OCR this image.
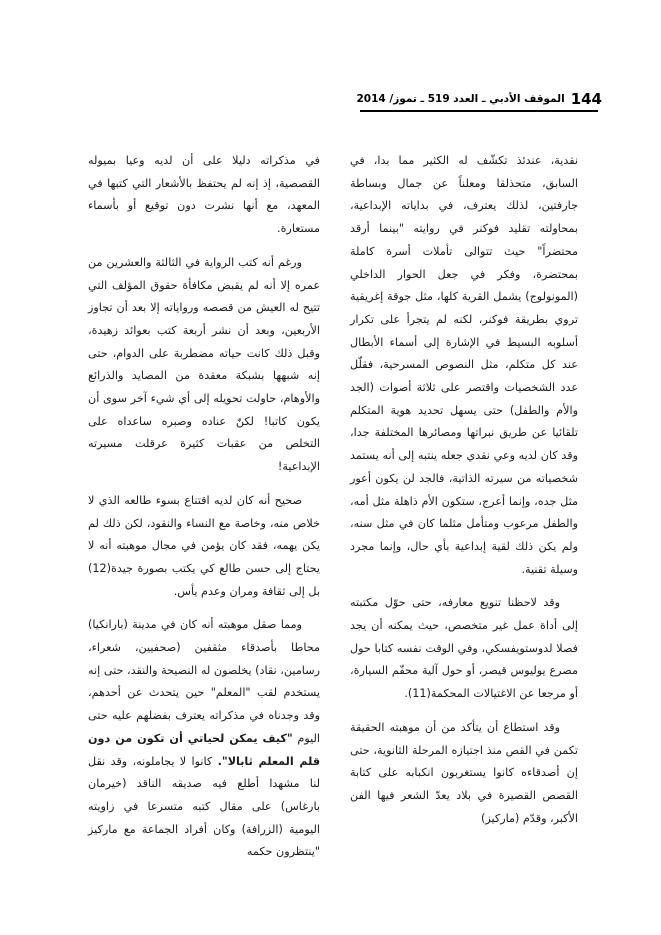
144
الموقف الأدبي ـ العدد 519 ـ تموز/ 2014

نقدية، عندئذ تكشّف له الكثير مما بدا، في السابق، متحذلقا ومعلناً عن جمال وبساطة جارفتين، لذلك يعترف، في بداياته الإبداعية، بمحاولته تقليد فوكنر في روايته "بينما أرقد محتضراً" حيث تتوالى تأملات أسرة كاملة بمحتضرة، وفكر في جعل الحوار الداخلي (المونولوج) يشمل القرية كلها، مثل جوقة إغريقية تروي بطريقة فوكنر، لكنه لم يتجرأ على تكرار أسلوبه البسيط في الإشارة إلى أسماء الأبطال عند كل متكلم، مثل النصوص المسرحية، فقلّل عدد الشخصيات واقتصر على ثلاثة أصوات (الجد والأم والطفل) حتى يسهل تحديد هوية المتكلم تلقائيا عن طريق نبراتها ومصائرها المختلفة جدا، وقد كان لديه وعي نقدي جعله ينتبه إلى أنه يستمد شخصياته من سيرته الذاتية، فالجد لن يكون أعور مثل جده، وإنما أعرج، ستكون الأم ذاهلة مثل أمه، والطفل مرعوب ومتأمل مثلما كان في مثل سنه، ولم يكن ذلك لقية إبداعية بأي حال، وإنما مجرد وسيلة تقنية.

وقد لاحظنا تنويع معارفه، حتى حوّل مكتبته إلى أداة عمل غير متخصص، حيث يمكنه أن يجد فصلا لدوستويفسكي، وفي الوقت نفسه كتابا حول مصرع يوليوس قيصر، أو حول آلية محفّم السيارة، أو مرجعا عن الاغتيالات المحكمة(11).

وقد استطاع أن يتأكد من أن موهبته الحقيقة تكمن في القص منذ اجتيازه المرحلة الثانوية، حتى إن أصدقاءه كانوا يستغربون انكبابه على كتابة القصص القصيرة في بلاد يعدّ الشعر فيها الفن الأكبر، وقدّم (ماركيز)

في مذكراته دليلا على أن لديه وعيا بميوله القصصية، إذ إنه لم يحتفظ بالأشعار التي كتبها في المعهد، مع أنها نشرت دون توقيع أو بأسماء مستعارة.

ورغم أنه كتب الرواية في الثالثة والعشرين من عمره إلا أنه لم يقبض مكافأة حقوق المؤلف التي تتيح له العيش من قصصه ورواياته إلا بعد أن تجاوز الأربعين، وبعد أن نشر أربعة كتب بعوائد زهيدة، وقبل ذلك كانت حياته مضطربة على الدوام، حتى إنه شبهها بشبكة معقدة من المصايد والذرائع والأوهام، حاولت تحويله إلى أي شيء آخر سوى أن يكون كاتبا! لكنّ عناده وصبره ساعداه على التخلص من عقبات كثيرة عرقلت مسيرته الإبداعية!

صحيح أنه كان لديه اقتناع بسوء طالعه الذي لا خلاص منه، وخاصة مع النساء والنقود، لكن ذلك لم يكن يهمه، فقد كان يؤمن في مجال موهبته أنه لا يحتاج إلى حسن طالع كي يكتب بصورة جيدة(12) بل إلى ثقافة ومران وعدم يأس.

ومما صقل موهبته أنه كان في مدينة (بارانكيا) محاطا بأصدقاء مثقفين (صحفيين، شعراء، رسامين، نقاد) يخلصون له النصيحة والنقد، حتى إنه يستخدم لقب "المعلم" حين يتحدث عن أحدهم، وقد وجدناه في مذكراته يعترف بفضلهم عليه حتى اليوم "كيف يمكن لحياتي أن تكون من دون قلم المعلم ثابالا". كانوا لا يجاملونه، وقد نقل لنا مشهدا أطلع فيه صديقه الناقد (خيرمان بارغاس) على مقال كتبه متسرعا في زاويته اليومية (الزرافة) وكان أفراد الجماعة مع ماركيز "ينتظرون حكمه
